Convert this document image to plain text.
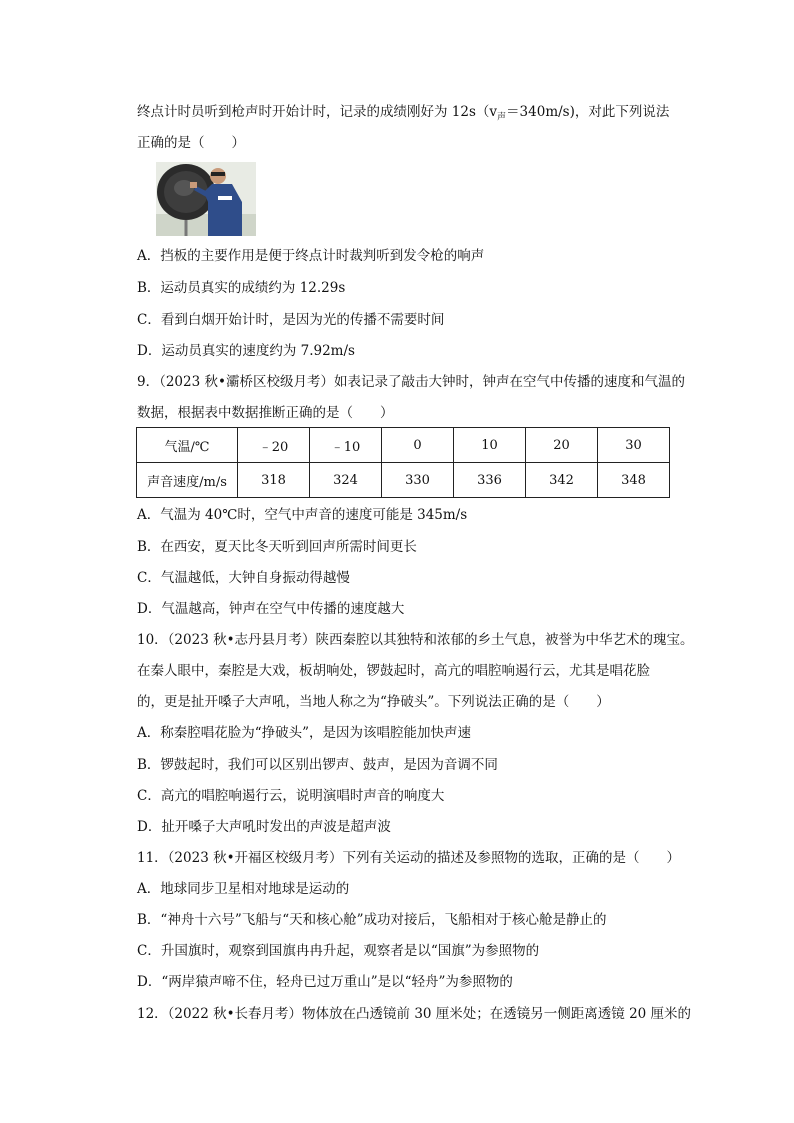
终点计时员听到枪声时开始计时，记录的成绩刚好为 $12s(v_声=340m/s)$，对此下列说法
正确的是（　　）
A．挡板的主要作用是便于终点计时裁判听到发令枪的响声
B．运动员真实的成绩约为 12.29s
C．看到白烟开始计时，是因为光的传播不需要时间
D．运动员真实的速度约为 7.92m/s
9．（2023 秋•灞桥区校级月考）如表记录了敲击大钟时，钟声在空气中传播的速度和气温的
数据，根据表中数据推断正确的是（　　）
气温/℃	﹣20	﹣10	0	10	20	30
声音速度/m/s	318	324	330	336	342	348
A．气温为 40℃时，空气中声音的速度可能是 345m/s
B．在西安，夏天比冬天听到回声所需时间更长
C．气温越低，大钟自身振动得越慢
D．气温越高，钟声在空气中传播的速度越大
10．（2023 秋•志丹县月考）陕西秦腔以其独特和浓郁的乡土气息，被誉为中华艺术的瑰宝。
在秦人眼中，秦腔是大戏，板胡响处，锣鼓起时，高亢的唱腔响遏行云，尤其是唱花脸
的，更是扯开嗓子大声吼，当地人称之为“挣破头”。下列说法正确的是（　　）
A．称秦腔唱花脸为“挣破头”，是因为该唱腔能加快声速
B．锣鼓起时，我们可以区别出锣声、鼓声，是因为音调不同
C．高亢的唱腔响遏行云，说明演唱时声音的响度大
D．扯开嗓子大声吼时发出的声波是超声波
11．（2023 秋•开福区校级月考）下列有关运动的描述及参照物的选取，正确的是（　　）
A．地球同步卫星相对地球是运动的
B．“神舟十六号”飞船与“天和核心舱”成功对接后，飞船相对于核心舱是静止的
C．升国旗时，观察到国旗冉冉升起，观察者是以“国旗”为参照物的
D．“两岸猿声啼不住，轻舟已过万重山”是以“轻舟”为参照物的
12．（2022 秋•长春月考）物体放在凸透镜前 30 厘米处；在透镜另一侧距离透镜 20 厘米的
